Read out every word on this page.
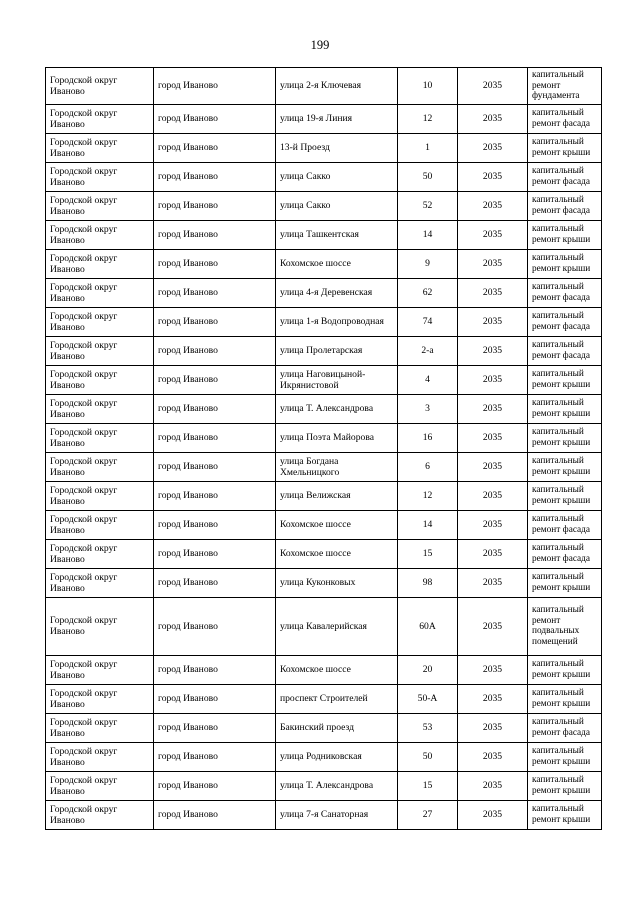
199
Городской округ Иваново	город Иваново	улица 2-я Ключевая	10	2035	капитальный ремонт фундамента
Городской округ Иваново	город Иваново	улица 19-я Линия	12	2035	капитальный ремонт фасада
Городской округ Иваново	город Иваново	13-й Проезд	1	2035	капитальный ремонт крыши
Городской округ Иваново	город Иваново	улица Сакко	50	2035	капитальный ремонт фасада
Городской округ Иваново	город Иваново	улица Сакко	52	2035	капитальный ремонт фасада
Городской округ Иваново	город Иваново	улица Ташкентская	14	2035	капитальный ремонт крыши
Городской округ Иваново	город Иваново	Кохомское шоссе	9	2035	капитальный ремонт крыши
Городской округ Иваново	город Иваново	улица 4-я Деревенская	62	2035	капитальный ремонт фасада
Городской округ Иваново	город Иваново	улица 1-я Водопроводная	74	2035	капитальный ремонт фасада
Городской округ Иваново	город Иваново	улица Пролетарская	2-а	2035	капитальный ремонт фасада
Городской округ Иваново	город Иваново	улица Наговицыной-Икрянистовой	4	2035	капитальный ремонт крыши
Городской округ Иваново	город Иваново	улица Т. Александрова	3	2035	капитальный ремонт крыши
Городской округ Иваново	город Иваново	улица Поэта Майорова	16	2035	капитальный ремонт крыши
Городской округ Иваново	город Иваново	улица Богдана Хмельницкого	6	2035	капитальный ремонт крыши
Городской округ Иваново	город Иваново	улица Велижская	12	2035	капитальный ремонт крыши
Городской округ Иваново	город Иваново	Кохомское шоссе	14	2035	капитальный ремонт фасада
Городской округ Иваново	город Иваново	Кохомское шоссе	15	2035	капитальный ремонт фасада
Городской округ Иваново	город Иваново	улица Куконковых	98	2035	капитальный ремонт крыши
Городской округ Иваново	город Иваново	улица Кавалерийская	60А	2035	капитальный ремонт подвальных помещений
Городской округ Иваново	город Иваново	Кохомское шоссе	20	2035	капитальный ремонт крыши
Городской округ Иваново	город Иваново	проспект Строителей	50-А	2035	капитальный ремонт крыши
Городской округ Иваново	город Иваново	Бакинский проезд	53	2035	капитальный ремонт фасада
Городской округ Иваново	город Иваново	улица Родниковская	50	2035	капитальный ремонт крыши
Городской округ Иваново	город Иваново	улица Т. Александрова	15	2035	капитальный ремонт крыши
Городской округ Иваново	город Иваново	улица 7-я Санаторная	27	2035	капитальный ремонт крыши
